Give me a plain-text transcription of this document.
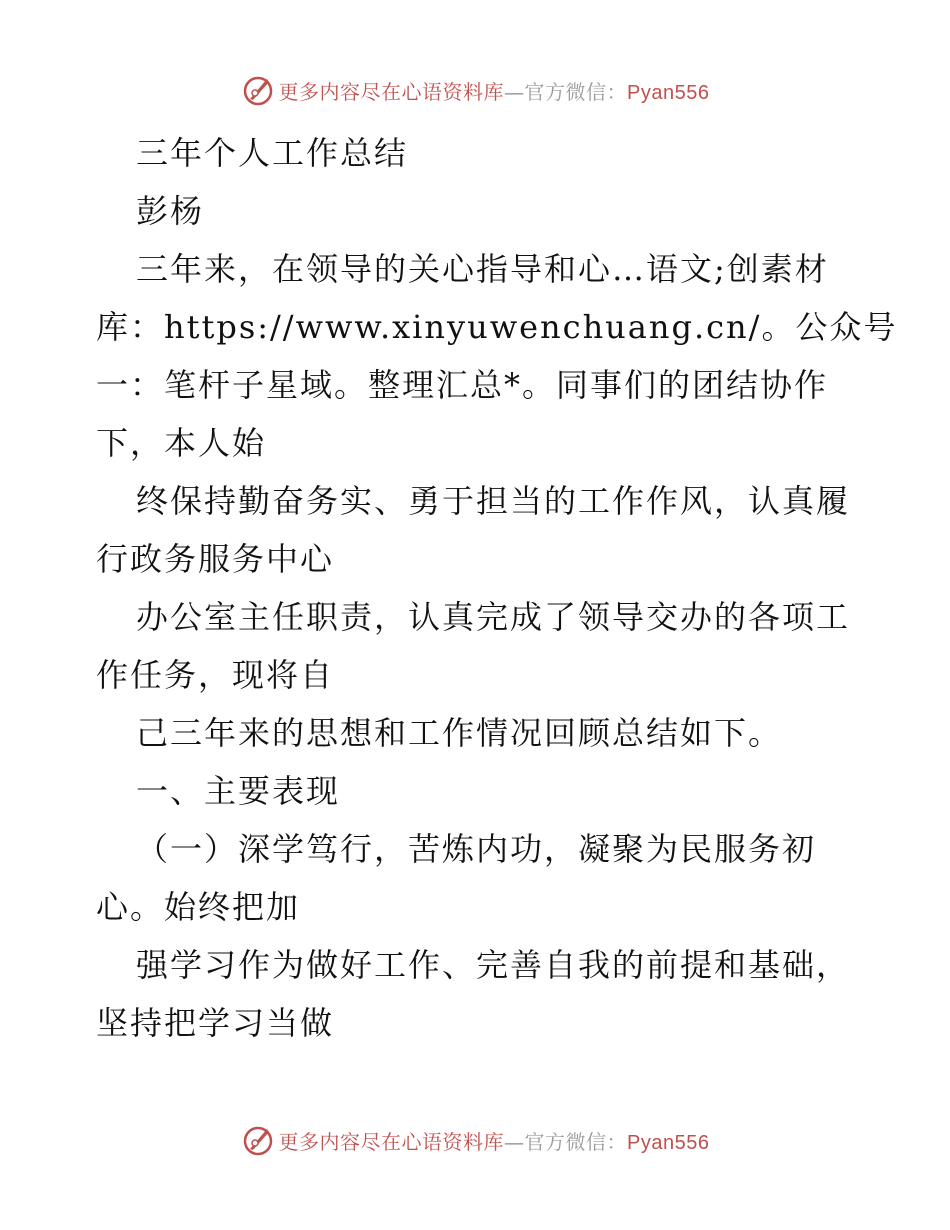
更多内容尽在心语资料库—官方微信：Pyan556
三年个人工作总结
彭杨
三年来，在领导的关心指导和心…语文;创素材
库：https://www.xinyuwenchuang.cn/。公众号
一：笔杆子星域。整理汇总*。同事们的团结协作
下，本人始
终保持勤奋务实、勇于担当的工作作风，认真履
行政务服务中心
办公室主任职责，认真完成了领导交办的各项工
作任务，现将自
己三年来的思想和工作情况回顾总结如下。
一、主要表现
（一）深学笃行，苦炼内功，凝聚为民服务初
心。始终把加
强学习作为做好工作、完善自我的前提和基础，
坚持把学习当做
更多内容尽在心语资料库—官方微信：Pyan556
